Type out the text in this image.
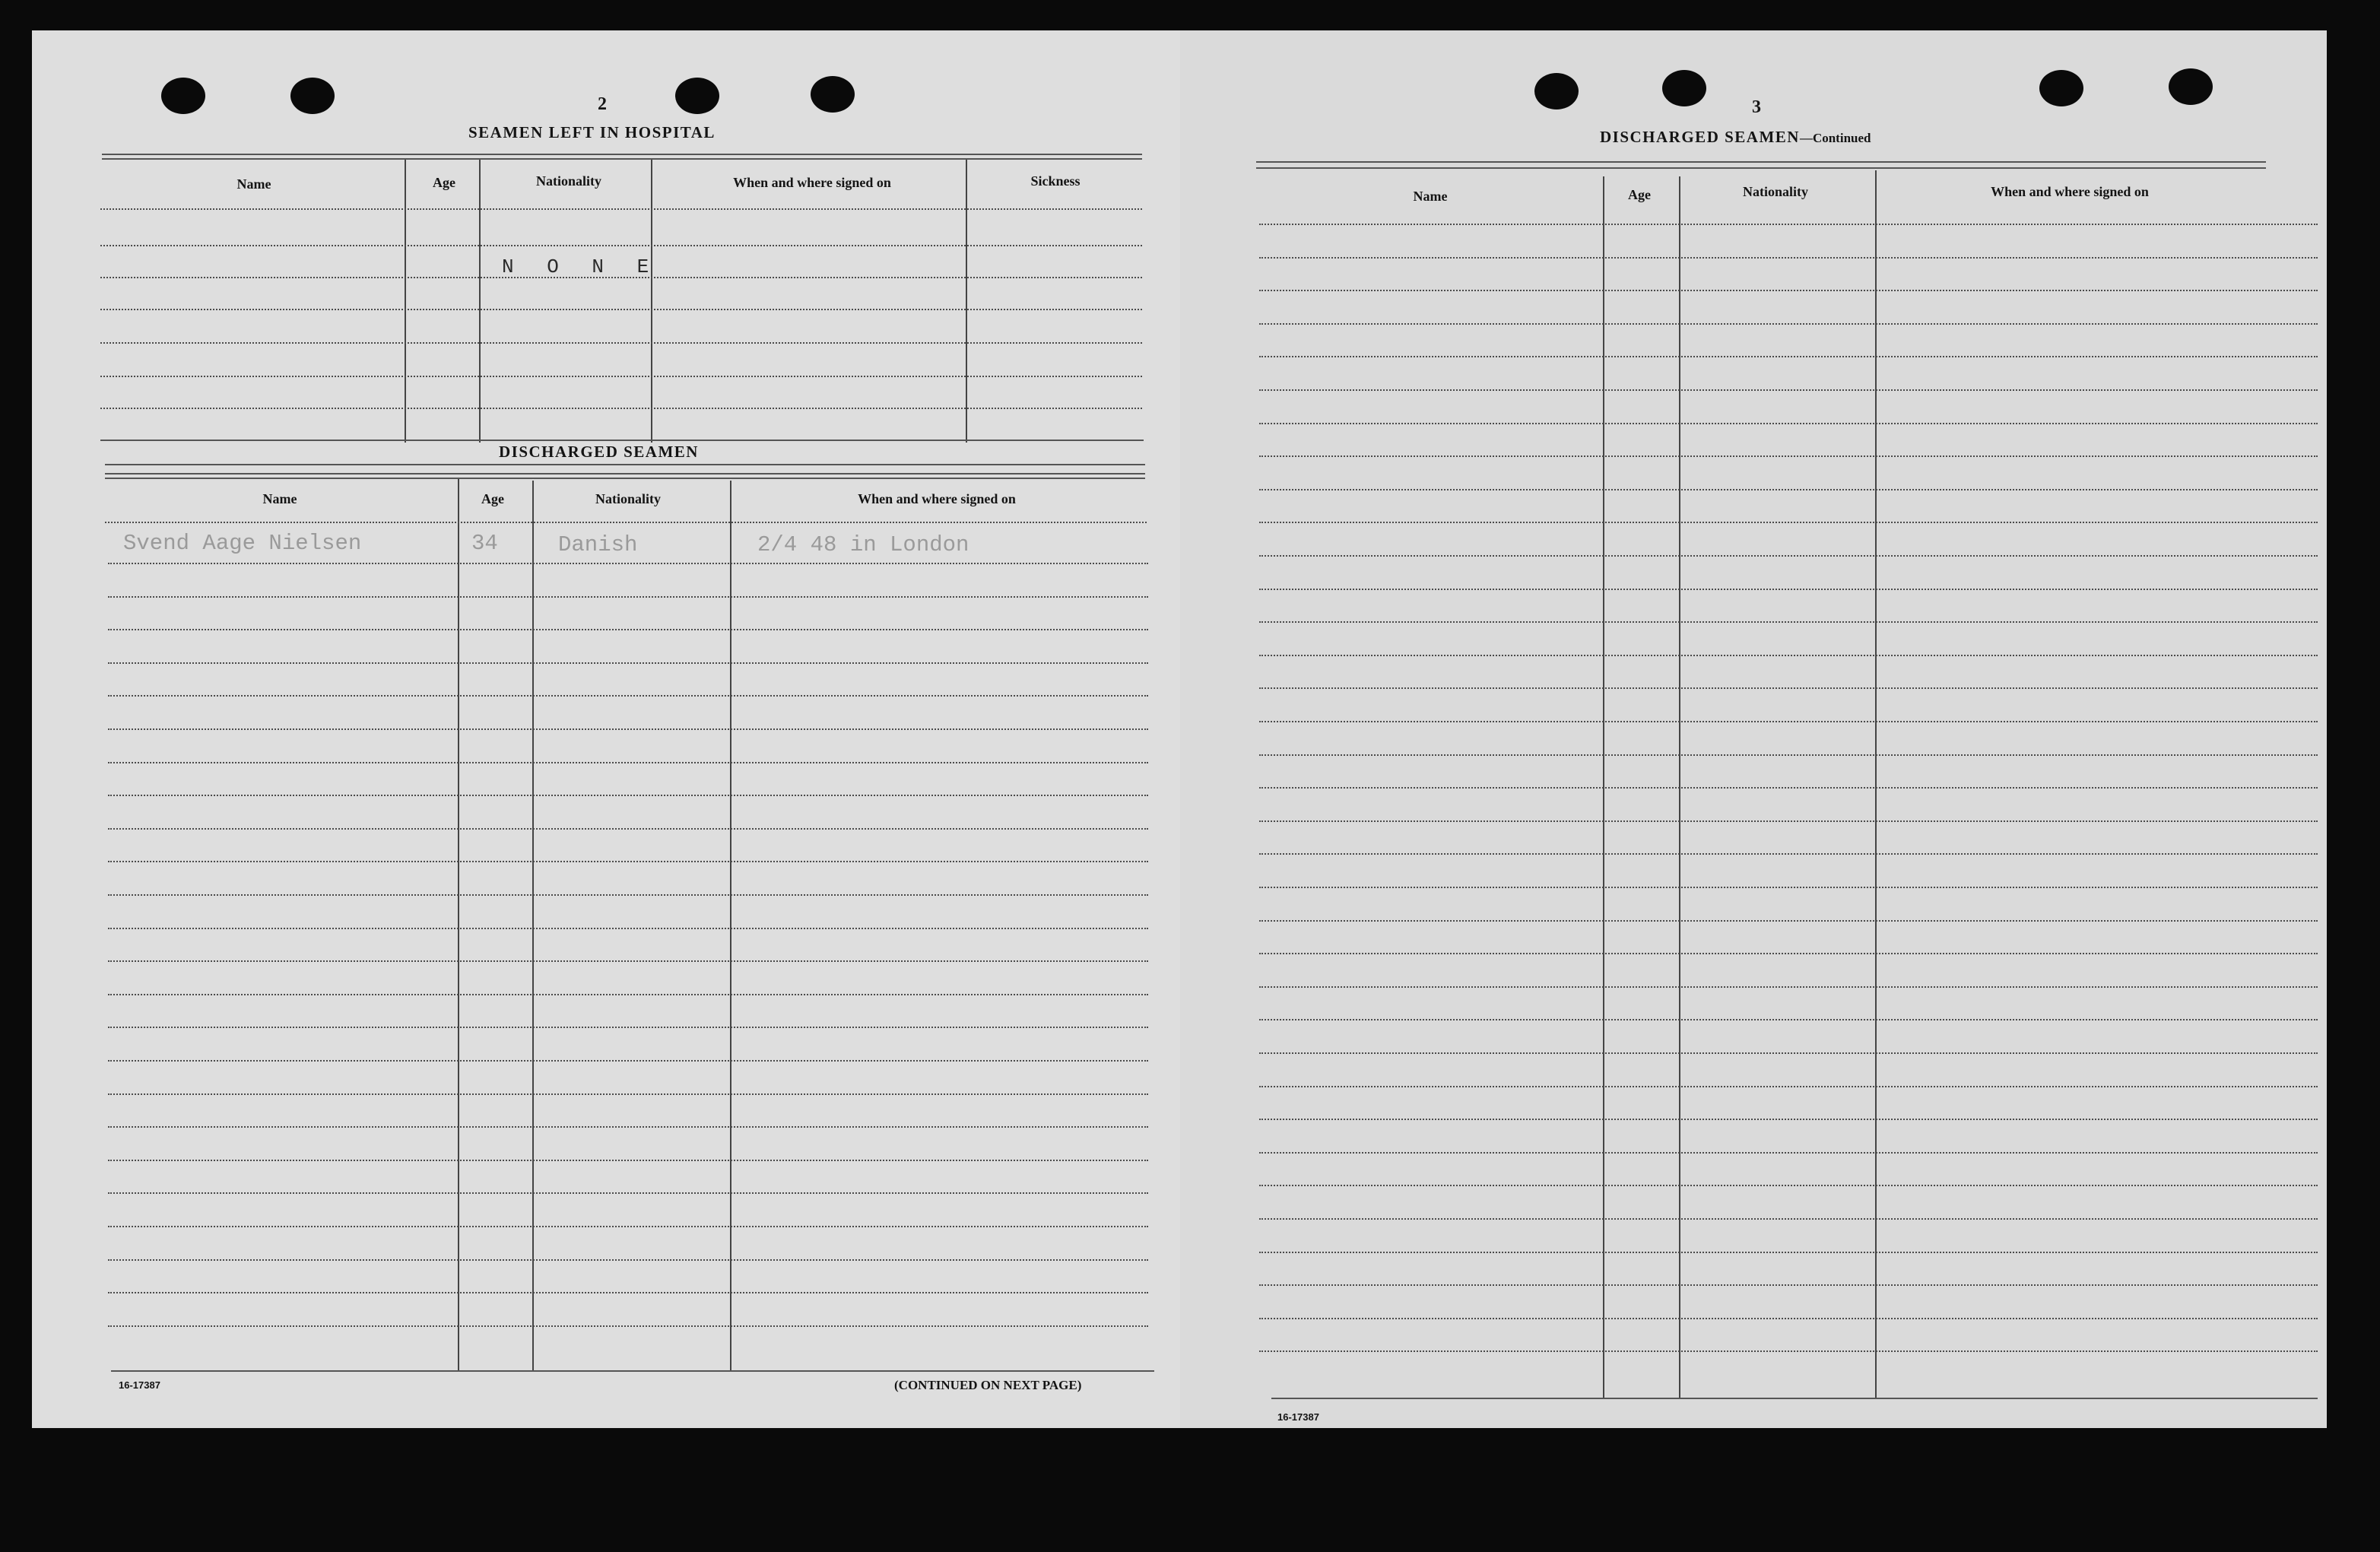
2
SEAMEN LEFT IN HOSPITAL
Name	Age	Nationality	When and where signed on	Sickness
N O N E
DISCHARGED SEAMEN
Name	Age	Nationality	When and where signed on
Svend Aage Nielsen	34	Danish	2/4 48 in London
16-17387	(CONTINUED ON NEXT PAGE)
3
DISCHARGED SEAMEN—Continued
Name	Age	Nationality	When and where signed on
16-17387
